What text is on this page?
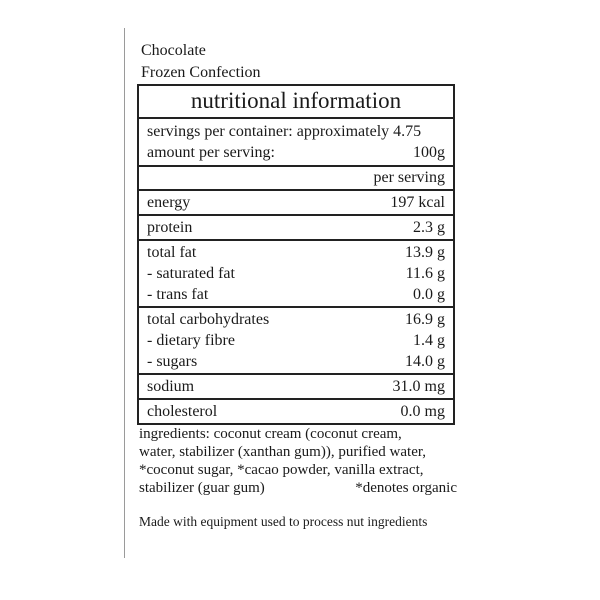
Chocolate
Frozen Confection
nutritional information
servings per container: approximately 4.75
amount per serving:	100g
per serving
energy	197 kcal
protein	2.3 g
total fat	13.9 g
- saturated fat	11.6 g
- trans fat	0.0 g
total carbohydrates	16.9 g
- dietary fibre	1.4 g
- sugars	14.0 g
sodium	31.0 mg
cholesterol	0.0 mg
ingredients: coconut cream (coconut cream,
water, stabilizer (xanthan gum)), purified water,
*coconut sugar, *cacao powder, vanilla extract,
stabilizer (guar gum)	*denotes organic
Made with equipment used to process nut ingredients
